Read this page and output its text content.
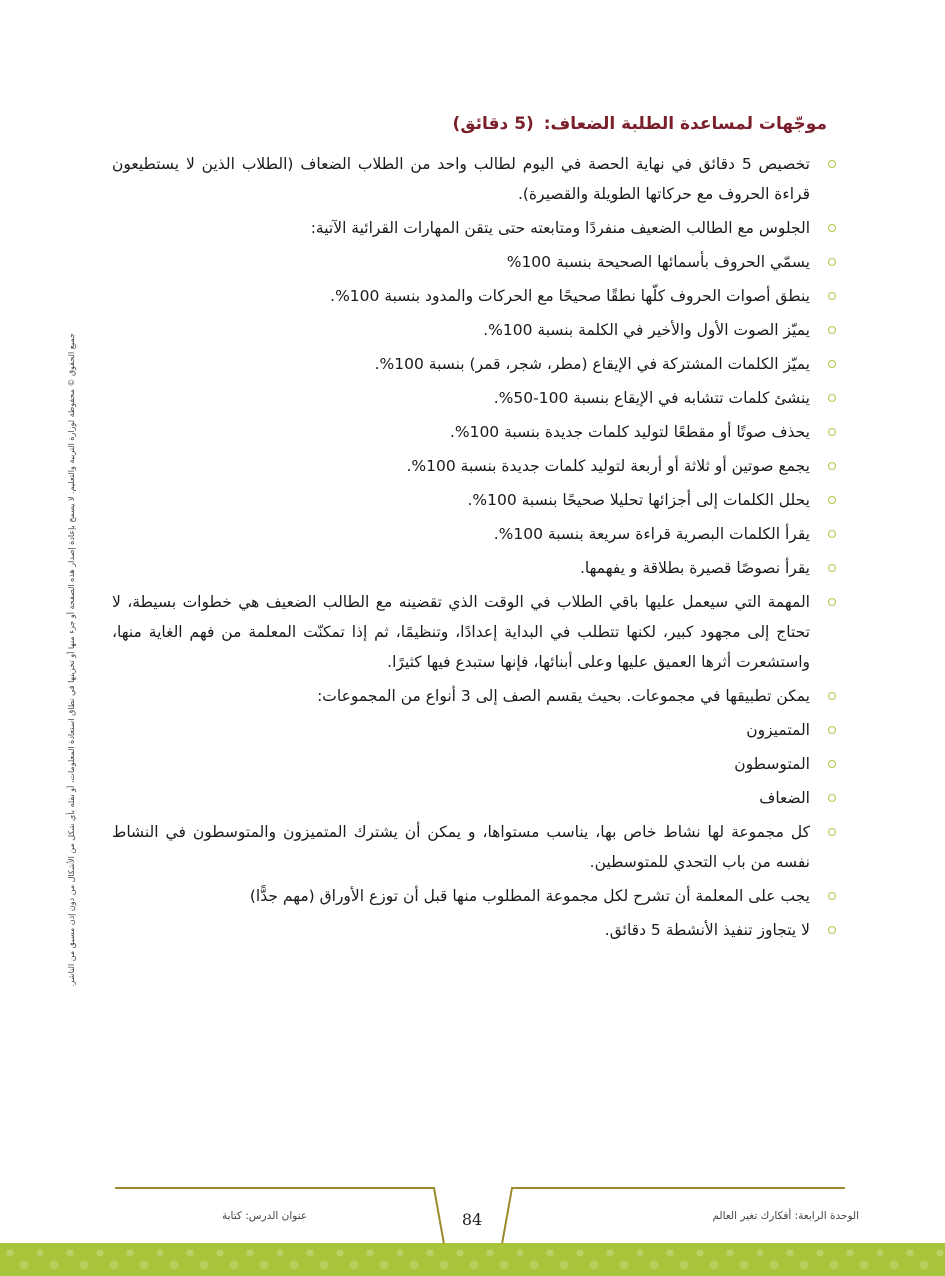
موجّهات لمساعدة الطلبة الضعاف: (5 دقائق)
تخصيص 5 دقائق في نهاية الحصة في اليوم لطالب واحد من الطلاب الضعاف (الطلاب الذين لا يستطيعون قراءة الحروف مع حركاتها الطويلة والقصيرة).
الجلوس مع الطالب الضعيف منفردًا ومتابعته حتى يتقن المهارات القرائية الآتية:
يسمّي الحروف بأسمائها الصحيحة بنسبة 100%
ينطق أصوات الحروف كلّها نطقًا صحيحًا مع الحركات والمدود بنسبة 100%.
يميّز الصوت الأول والأخير في الكلمة بنسبة 100%.
يميّز الكلمات المشتركة في الإيقاع (مطر، شجر، قمر) بنسبة 100%.
ينشئ كلمات تتشابه في الإيقاع بنسبة 100-50%.
يحذف صوتًا أو مقطعًا لتوليد كلمات جديدة بنسبة 100%.
يجمع صوتين أو ثلاثة أو أربعة لتوليد كلمات جديدة بنسبة 100%.
يحلل الكلمات إلى أجزائها تحليلا صحيحًا بنسبة 100%.
يقرأ الكلمات البصرية قراءة سريعة بنسبة 100%.
يقرأ نصوصًا قصيرة بطلاقة و يفهمها.
المهمة التي سيعمل عليها باقي الطلاب في الوقت الذي تقضينه مع الطالب الضعيف هي خطوات بسيطة، لا تحتاج إلى مجهود كبير، لكنها تتطلب في البداية إعدادًا، وتنظيمًا، ثم إذا تمكنّت المعلمة من فهم الغاية منها، واستشعرت أثرها العميق عليها وعلى أبنائها، فإنها ستبدع فيها كثيرًا.
يمكن تطبيقها في مجموعات. بحيث يقسم الصف إلى 3 أنواع من المجموعات:
المتميزون
المتوسطون
الضعاف
كل مجموعة لها نشاط خاص بها، يناسب مستواها، و يمكن أن يشترك المتميزون والمتوسطون في النشاط نفسه من باب التحدي للمتوسطين.
يجب على المعلمة أن تشرح لكل مجموعة المطلوب منها قبل أن توزع الأوراق (مهم جدًّا)
لا يتجاوز تنفيذ الأنشطة 5 دقائق.
جميع الحقوق © محفوظة لوزارة التربية والتعليم. لا يسمح بإعادة إصدار هذه الصفحة أو جزء منها أو تخزينها في نطاق استعادة المعلومات، أو نقله بأي شكل من الأشكال من دون إذن مسبق من الناشر.
84	الوحدة الرابعة: أفكارك تغير العالم
عنوان الدرس: كتابة
